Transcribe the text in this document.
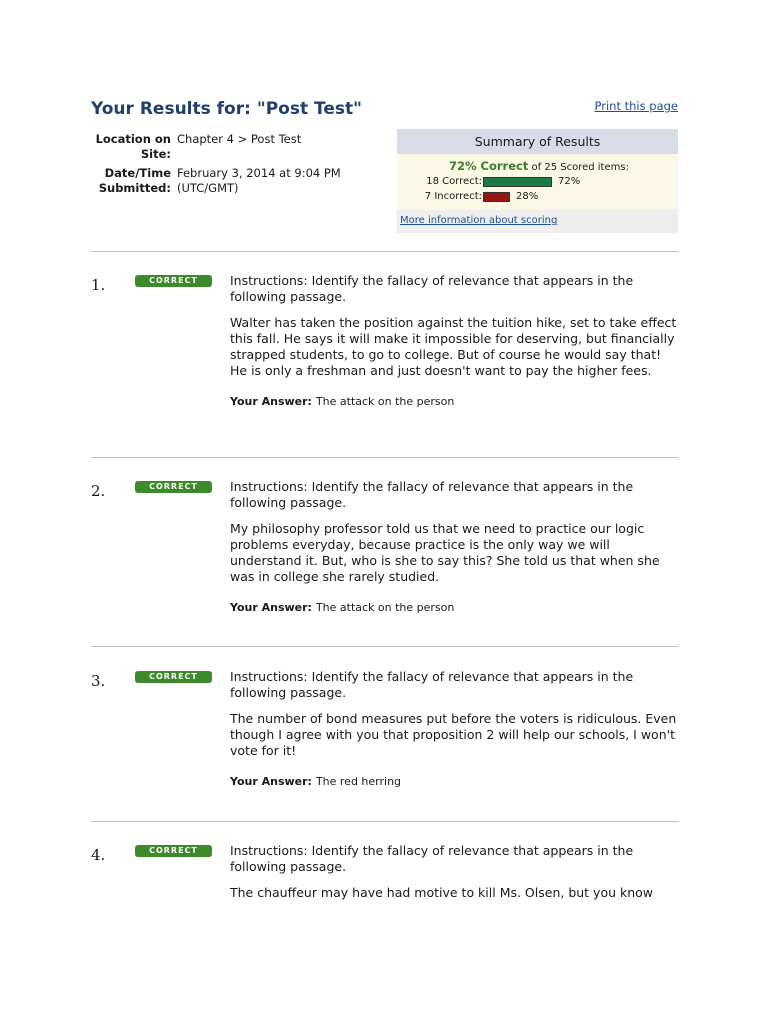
Your Results for: "Post Test"	Print this page
Location on Site:
Chapter 4 > Post Test
Date/Time Submitted:
February 3, 2014 at 9:04 PM (UTC/GMT)
Summary of Results
72% Correct of 25 Scored items:
18 Correct:	72%
7 Incorrect:	28%
More information about scoring
1.	CORRECT	Instructions: Identify the fallacy of relevance that appears in the following passage.

Walter has taken the position against the tuition hike, set to take effect this fall. He says it will make it impossible for deserving, but financially strapped students, to go to college. But of course he would say that! He is only a freshman and just doesn't want to pay the higher fees.

Your Answer: The attack on the person
2.	CORRECT	Instructions: Identify the fallacy of relevance that appears in the following passage.

My philosophy professor told us that we need to practice our logic problems everyday, because practice is the only way we will understand it. But, who is she to say this? She told us that when she was in college she rarely studied.

Your Answer: The attack on the person
3.	CORRECT	Instructions: Identify the fallacy of relevance that appears in the following passage.

The number of bond measures put before the voters is ridiculous. Even though I agree with you that proposition 2 will help our schools, I won't vote for it!

Your Answer: The red herring
4.	CORRECT	Instructions: Identify the fallacy of relevance that appears in the following passage.

The chauffeur may have had motive to kill Ms. Olsen, but you know
